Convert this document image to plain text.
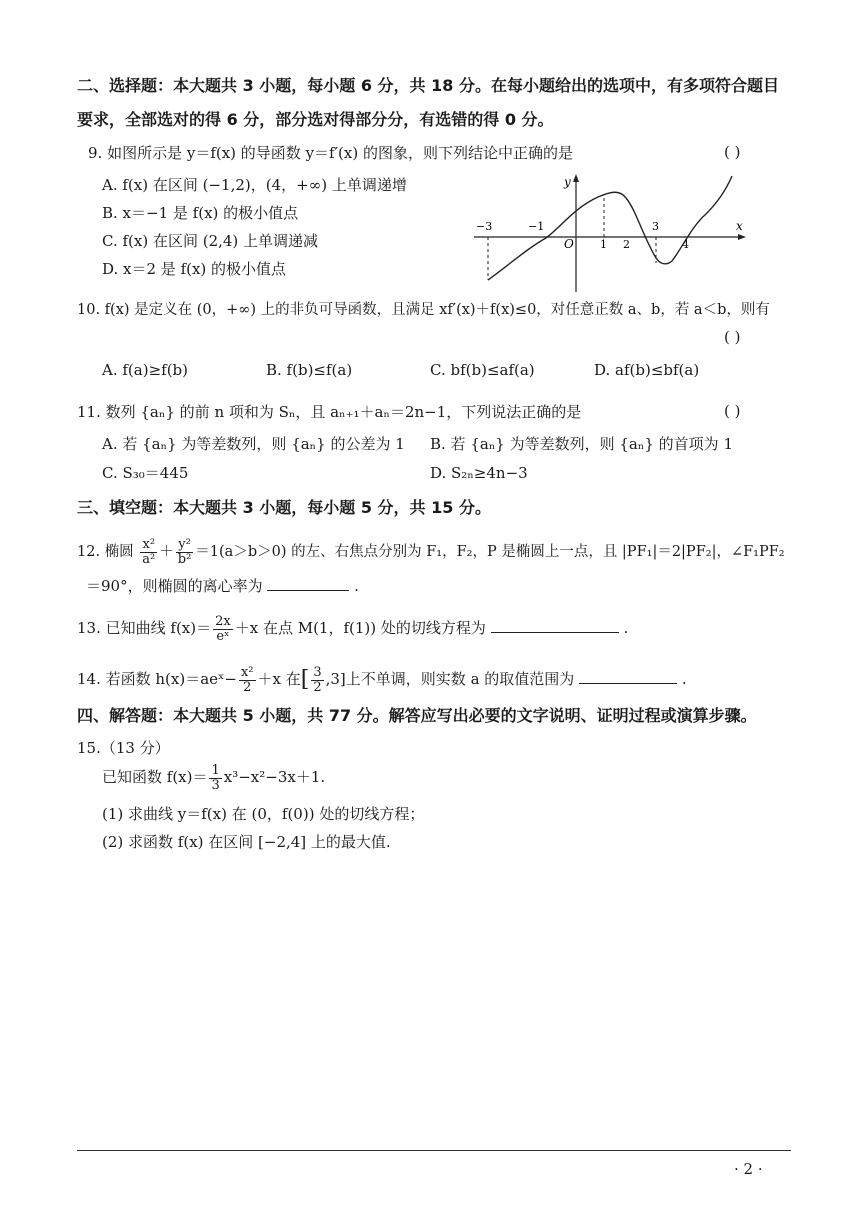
二、选择题：本大题共 3 小题，每小题 6 分，共 18 分。在每小题给出的选项中，有多项符合题目
要求，全部选对的得 6 分，部分选对得部分分，有选错的得 0 分。
9. 如图所示是 y＝f(x) 的导函数 y＝f′(x) 的图象，则下列结论中正确的是	( )
A. f(x) 在区间 (−1,2)，(4，+∞) 上单调递增
B. x＝−1 是 f(x) 的极小值点
C. f(x) 在区间 (2,4) 上单调递减
D. x＝2 是 f(x) 的极小值点
y
x
O
−3	−1
1 2
3
4
10. f(x) 是定义在 (0，+∞) 上的非负可导函数，且满足 xf′(x)＋f(x)≤0，对任意正数 a、b，若 a＜b，则有
( )
A. f(a)≥f(b)	B. f(b)≤f(a)	C. bf(b)≤af(a)	D. af(b)≤bf(a)
11. 数列 {aₙ} 的前 n 项和为 Sₙ，且 aₙ₊₁＋aₙ＝2n−1，下列说法正确的是	( )
A. 若 {aₙ} 为等差数列，则 {aₙ} 的公差为 1 B. 若 {aₙ} 为等差数列，则 {aₙ} 的首项为 1
C. S₃₀＝445	D. S₂ₙ≥4n−3
三、填空题：本大题共 3 小题，每小题 5 分，共 15 分。
12. 椭圆 $\frac{\text{x²}}{\text{a²}} + \frac{\text{y²}}{\text{b²}} =1(a>b>0)$ 的左、右焦点分别为 F₁，F₂，P 是椭圆上一点，且 |PF₁|＝2|PF₂|，∠F₁PF₂
＝90°，则椭圆的离心率为	.
13. 已知曲线 $f(x)= \frac{2x}{\text{eˣ}} +x$ 在点 M(1，f(1)) 处的切线方程为	.
14. 若函数 h(x)＝aeˣ− $\frac{\text{x²}}{2} +x$ 在[ $\frac{3}{2} ,3$]上不单调，则实数 a 的取值范围为	.
四、解答题：本大题共 5 小题，共 77 分。解答应写出必要的文字说明、证明过程或演算步骤。
15.（13 分）
已知函数 $f(x)= \frac{1}{3} x^3-x^2-3x+1$.
(1) 求曲线 y＝f(x) 在 (0，f(0)) 处的切线方程；
(2) 求函数 f(x) 在区间 [−2,4] 上的最大值.
· 2 ·
